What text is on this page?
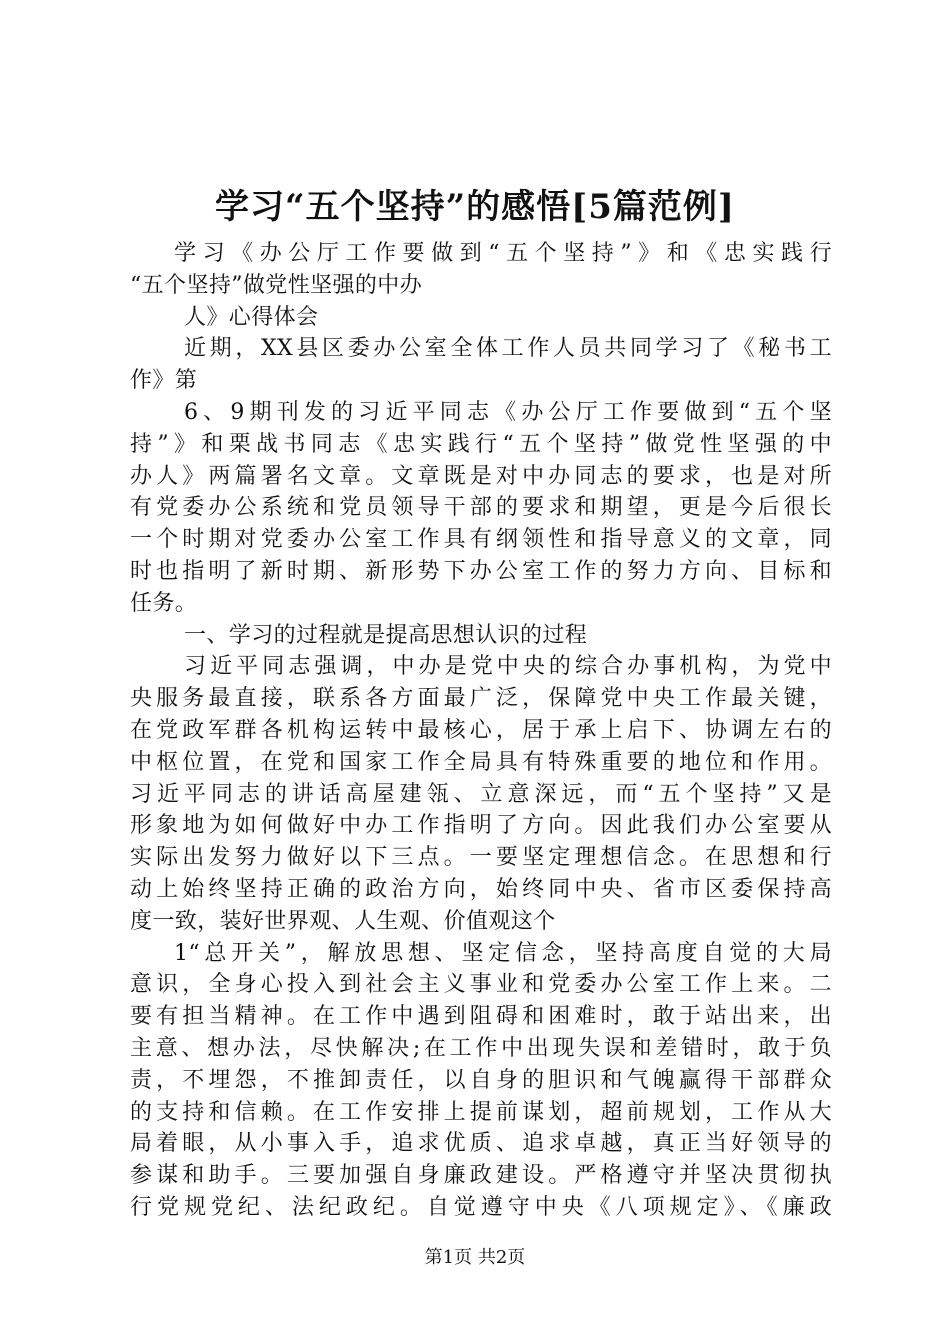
学习“五个坚持”的感悟[5篇范例]
学习《办公厅工作要做到“五个坚持”》和《忠实践行
“五个坚持”做党性坚强的中办
人》心得体会
近期，XX县区委办公室全体工作人员共同学习了《秘书工
作》第
6、9期刊发的习近平同志《办公厅工作要做到“五个坚
持”》和栗战书同志《忠实践行“五个坚持”做党性坚强的中
办人》两篇署名文章。文章既是对中办同志的要求，也是对所
有党委办公系统和党员领导干部的要求和期望，更是今后很长
一个时期对党委办公室工作具有纲领性和指导意义的文章，同
时也指明了新时期、新形势下办公室工作的努力方向、目标和
任务。
一、学习的过程就是提高思想认识的过程
习近平同志强调，中办是党中央的综合办事机构，为党中
央服务最直接，联系各方面最广泛，保障党中央工作最关键，
在党政军群各机构运转中最核心，居于承上启下、协调左右的
中枢位置，在党和国家工作全局具有特殊重要的地位和作用。
习近平同志的讲话高屋建瓴、立意深远，而“五个坚持”又是
形象地为如何做好中办工作指明了方向。因此我们办公室要从
实际出发努力做好以下三点。一要坚定理想信念。在思想和行
动上始终坚持正确的政治方向，始终同中央、省市区委保持高
度一致，装好世界观、人生观、价值观这个
1“总开关”，解放思想、坚定信念，坚持高度自觉的大局
意识，全身心投入到社会主义事业和党委办公室工作上来。二
要有担当精神。在工作中遇到阻碍和困难时，敢于站出来，出
主意、想办法，尽快解决;在工作中出现失误和差错时，敢于负
责，不埋怨，不推卸责任，以自身的胆识和气魄赢得干部群众
的支持和信赖。在工作安排上提前谋划，超前规划，工作从大
局着眼，从小事入手，追求优质、追求卓越，真正当好领导的
参谋和助手。三要加强自身廉政建设。严格遵守并坚决贯彻执
行党规党纪、法纪政纪。自觉遵守中央《八项规定》、《廉政
第1页 共2页
